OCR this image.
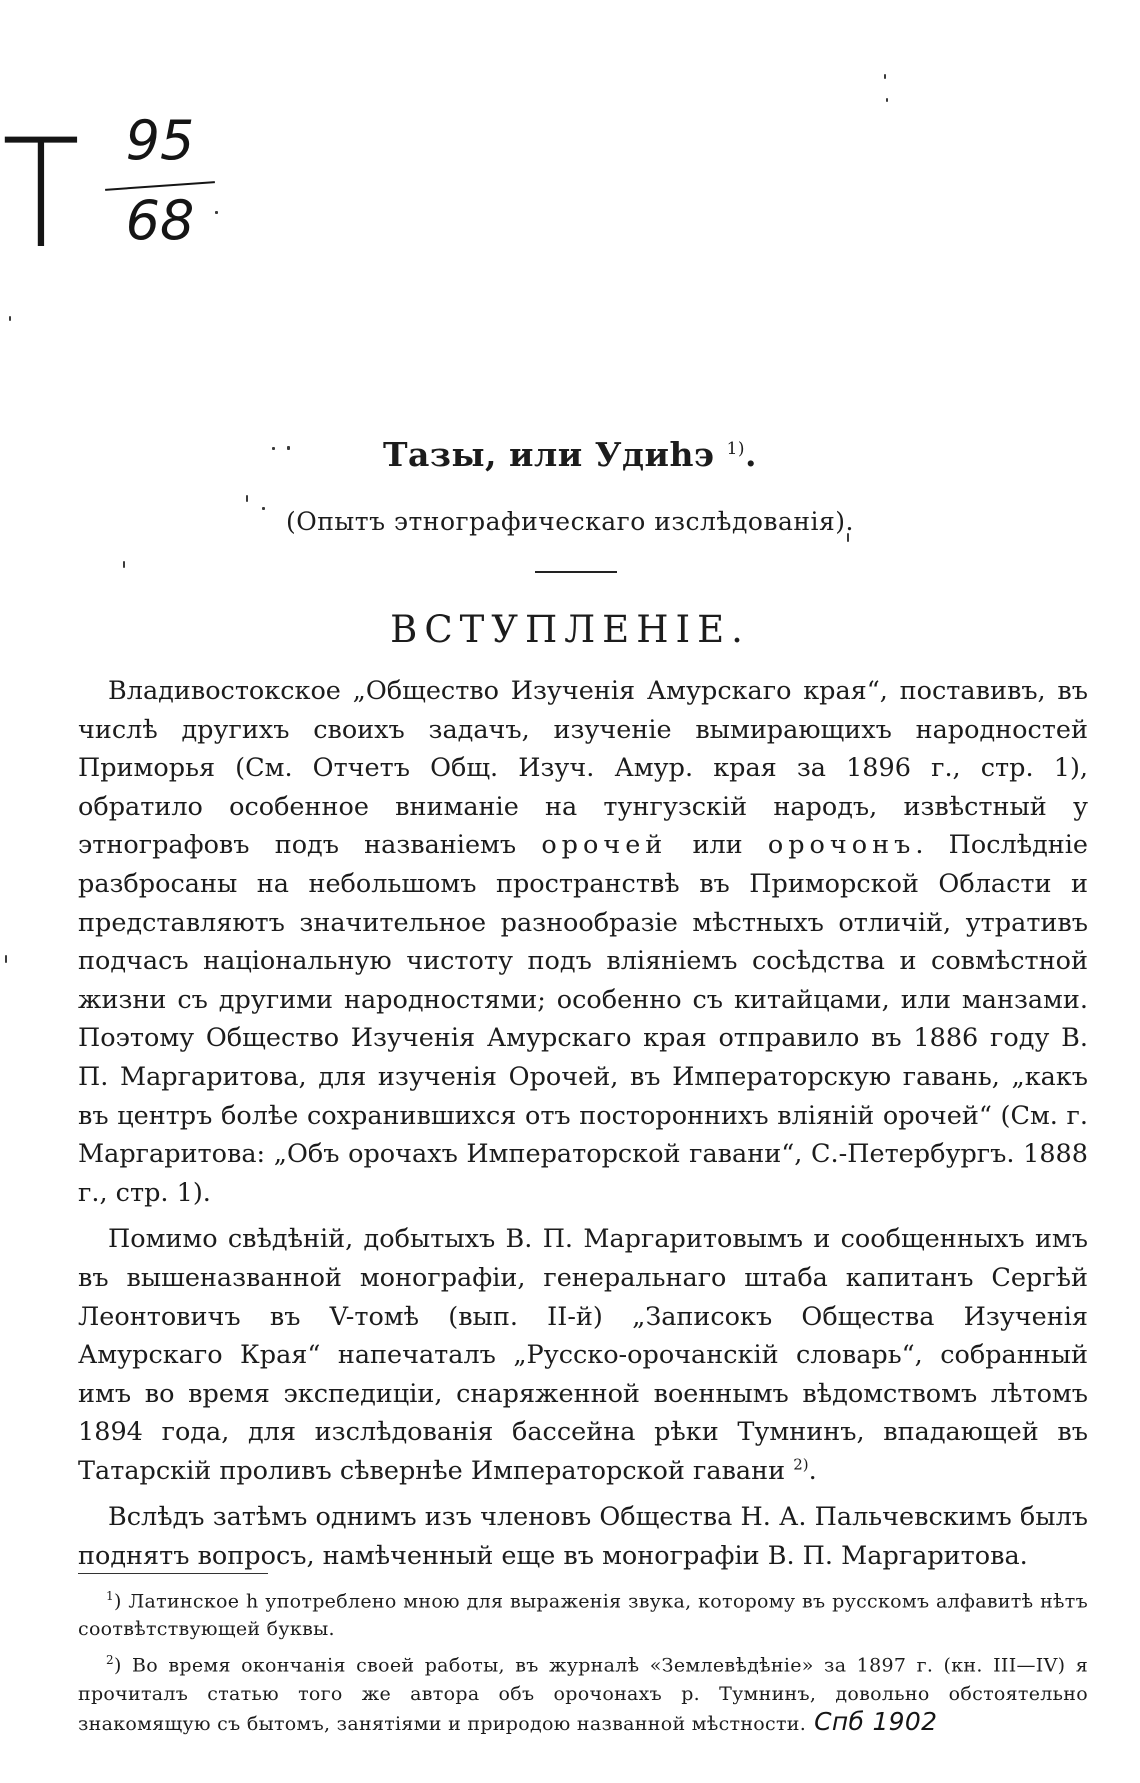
Т 95
68
Тазы, или Удиhэ $^{1)}$.
(Опытъ этнографическаго изслѣдованія).
ВСТУПЛЕНІЕ.

Владивостокское „Общество Изученія Амурскаго края“, поставивъ, въ числѣ другихъ своихъ задачъ, изученіе вымирающихъ народностей Приморья (См. Отчетъ Общ. Изуч. Амур. края за 1896 г., стр. 1), обратило особенное вниманіе на тунгузскій народъ, извѣстный у этнографовъ подъ названіемъ орочей или орочонъ. Послѣдніе разбросаны на небольшомъ пространствѣ въ Приморской Области и представляютъ значительное разнообразіе мѣстныхъ отличій, утративъ подчасъ національную чистоту подъ вліяніемъ сосѣдства и совмѣстной жизни съ другими народностями; особенно съ китайцами, или манзами. Поэтому Общество Изученія Амурскаго края отправило въ 1886 году В. П. Маргаритова, для изученія Орочей, въ Императорскую гавань, „какъ въ центръ болѣе сохранившихся отъ постороннихъ вліяній орочей“ (См. г. Маргаритова: „Объ орочахъ Императорской гавани“, С.-Петербургъ. 1888 г., стр. 1).

Помимо свѣдѣній, добытыхъ В. П. Маргаритовымъ и сообщенныхъ имъ въ вышеназванной монографіи, генеральнаго штаба капитанъ Сергѣй Леонтовичъ въ V-томѣ (вып. II-й) „Записокъ Общества Изученія Амурскаго Края“ напечаталъ „Русско-орочанскій словарь“, собранный имъ во время экспедиціи, снаряженной военнымъ вѣдомствомъ лѣтомъ 1894 года, для изслѣдованія бассейна рѣки Тумнинъ, впадающей въ Татарскій проливъ сѣвернѣе Императорской гавани $^{2)}$.

Вслѣдъ затѣмъ однимъ изъ членовъ Общества Н. А. Пальчевскимъ былъ поднятъ вопросъ, намѣченный еще въ монографіи В. П. Маргаритова.

$^1$) Латинское h употреблено мною для выраженія звука, которому въ русскомъ алфавитѣ нѣтъ соотвѣтствующей буквы.

$^2$) Во время окончанія своей работы, въ журналѣ «Землевѣдѣніе» за 1897 г. (кн. III—IV) я прочиталъ статью того же автора объ орочонахъ р. Тумнинъ, довольно обстоятельно знакомящую съ бытомъ, занятіями и природою названной мѣстности. Спб 1902
